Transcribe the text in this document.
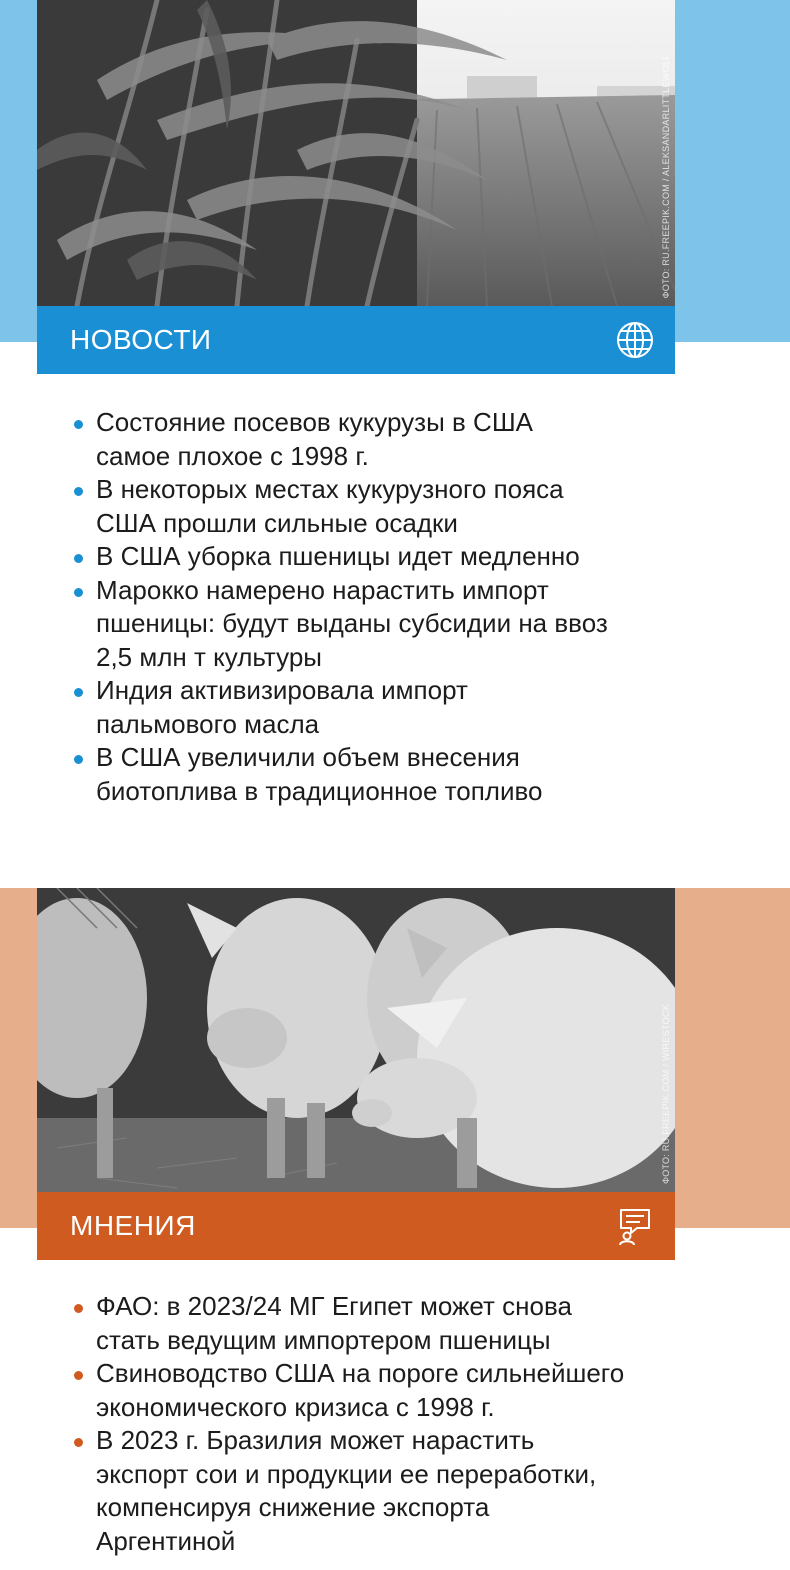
ФОТО: RU.FREEPIK.COM / ALEKSANDARLITTLEWOLF
НОВОСТИ
Состояние посевов кукурузы в США
самое плохое с 1998 г.
В некоторых местах кукурузного пояса
США прошли сильные осадки
В США уборка пшеницы идет медленно
Марокко намерено нарастить импорт
пшеницы: будут выданы субсидии на ввоз
2,5 млн т культуры
Индия активизировала импорт
пальмового масла
В США увеличили объем внесения
биотоплива в традиционное топливо
ФОТО: RU.FREEPIK.COM / WIRESTOCK
МНЕНИЯ
ФАО: в 2023/24 МГ Египет может снова
стать ведущим импортером пшеницы
Свиноводство США на пороге сильнейшего
экономического кризиса с 1998 г.
В 2023 г. Бразилия может нарастить
экспорт сои и продукции ее переработки,
компенсируя снижение экспорта
Аргентиной
